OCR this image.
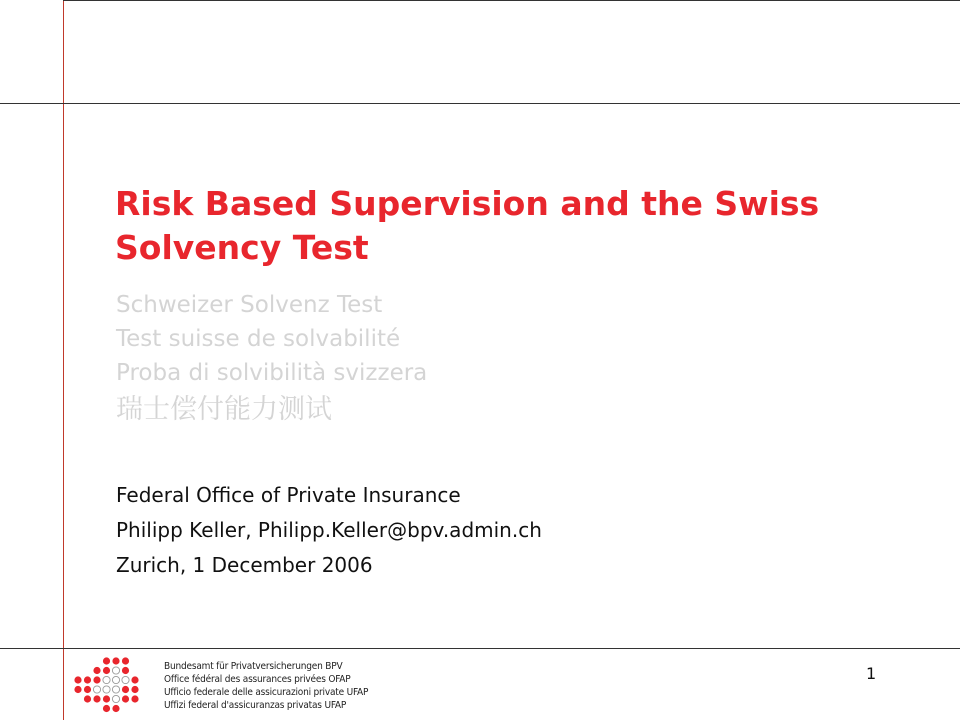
Risk Based Supervision and the Swiss Solvency Test
Schweizer Solvenz Test
Test suisse de solvabilité
Proba di solvibilità svizzera
瑞士偿付能力测试
Federal Office of Private Insurance
Philipp Keller, Philipp.Keller@bpv.admin.ch
Zurich, 1 December 2006
Bundesamt für Privatversicherungen BPV
Office fédéral des assurances privées OFAP
Ufficio federale delle assicurazioni private UFAP
Uffizi federal d'assicuranzas privatas UFAP
1
